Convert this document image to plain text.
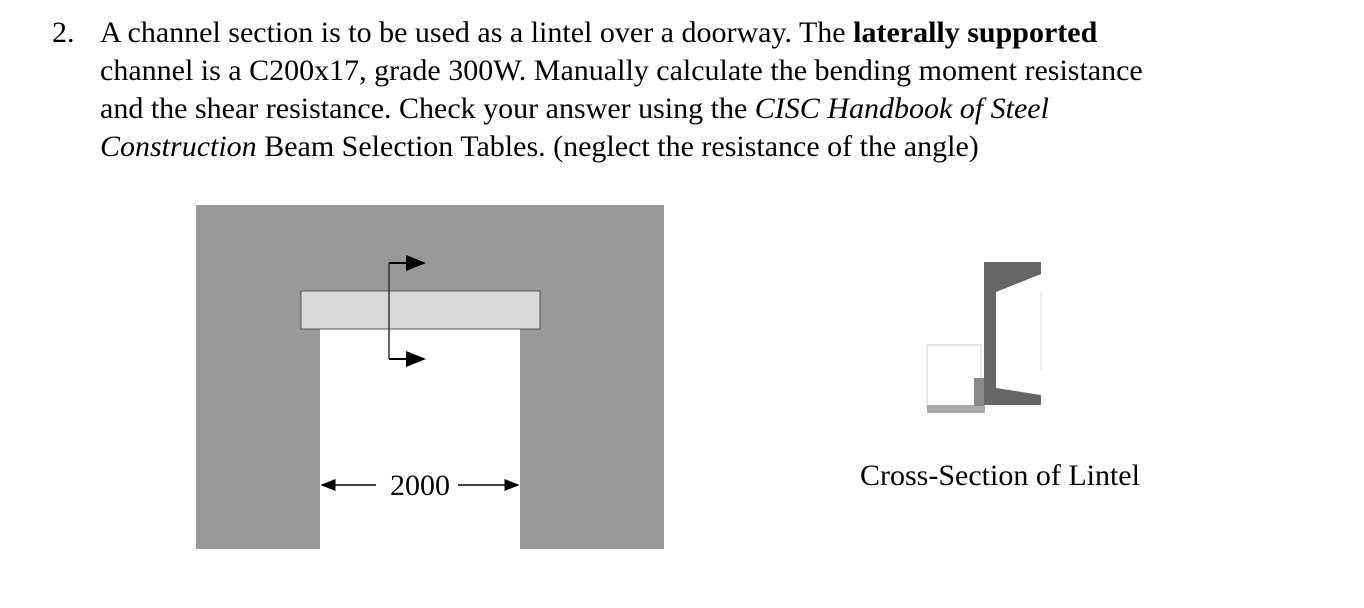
2. A channel section is to be used as a lintel over a doorway. The laterally supported
channel is a C200x17, grade 300W. Manually calculate the bending moment resistance
and the shear resistance. Check your answer using the CISC Handbook of Steel
Construction Beam Selection Tables. (neglect the resistance of the angle)
2000	Cross-Section of Lintel
